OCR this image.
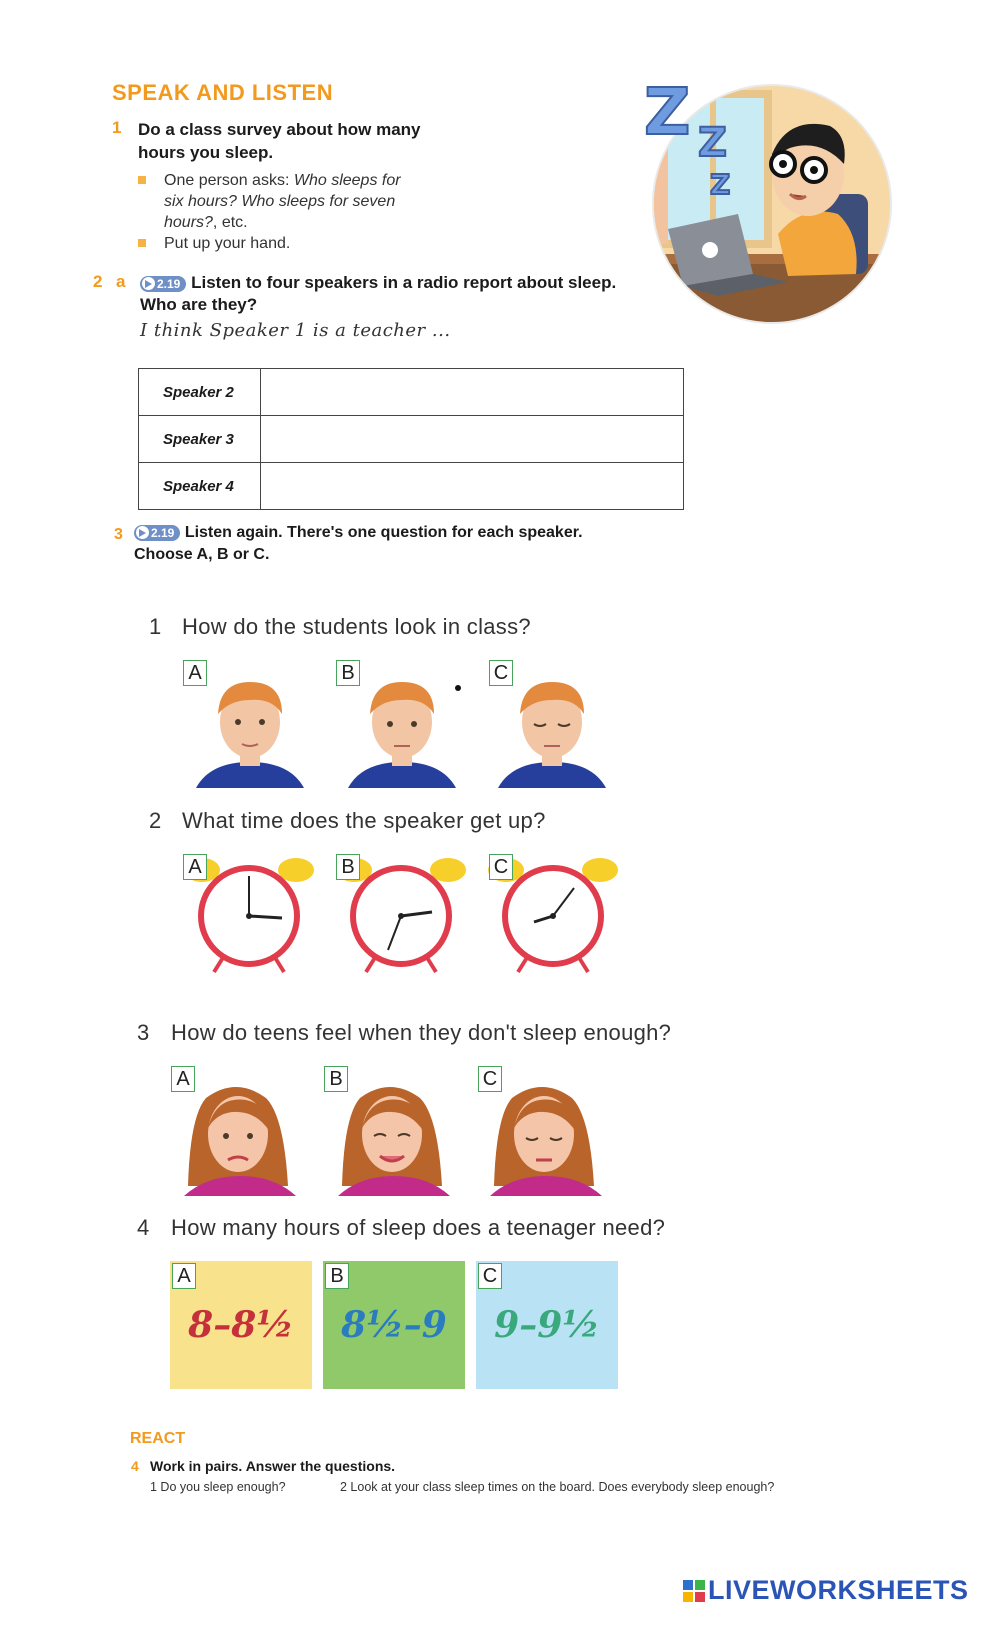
SPEAK AND LISTEN
1 Do a class survey about how many
hours you sleep.
One person asks: Who sleeps for
six hours? Who sleeps for seven
hours?, etc.
Put up your hand.
Z Z
Z
2 a	2.19 Listen to four speakers in a radio report about sleep.
Who are they?
I think Speaker 1 is a teacher ...
Speaker 2	
Speaker 3	
Speaker 4	
3 2.19 Listen again. There's one question for each speaker.
Choose A, B or C.
1 How do the students look in class?
A	B	C
2 What time does the speaker get up?
A	B	C
3 How do teens feel when they don't sleep enough?
A	B	C
4 How many hours of sleep does a teenager need?
A
8–8½
B
8½–9
C
9–9½
REACT
4 Work in pairs. Answer the questions.
1 Do you sleep enough?	2 Look at your class sleep times on the board. Does everybody sleep enough?
LIVEWORKSHEETS
